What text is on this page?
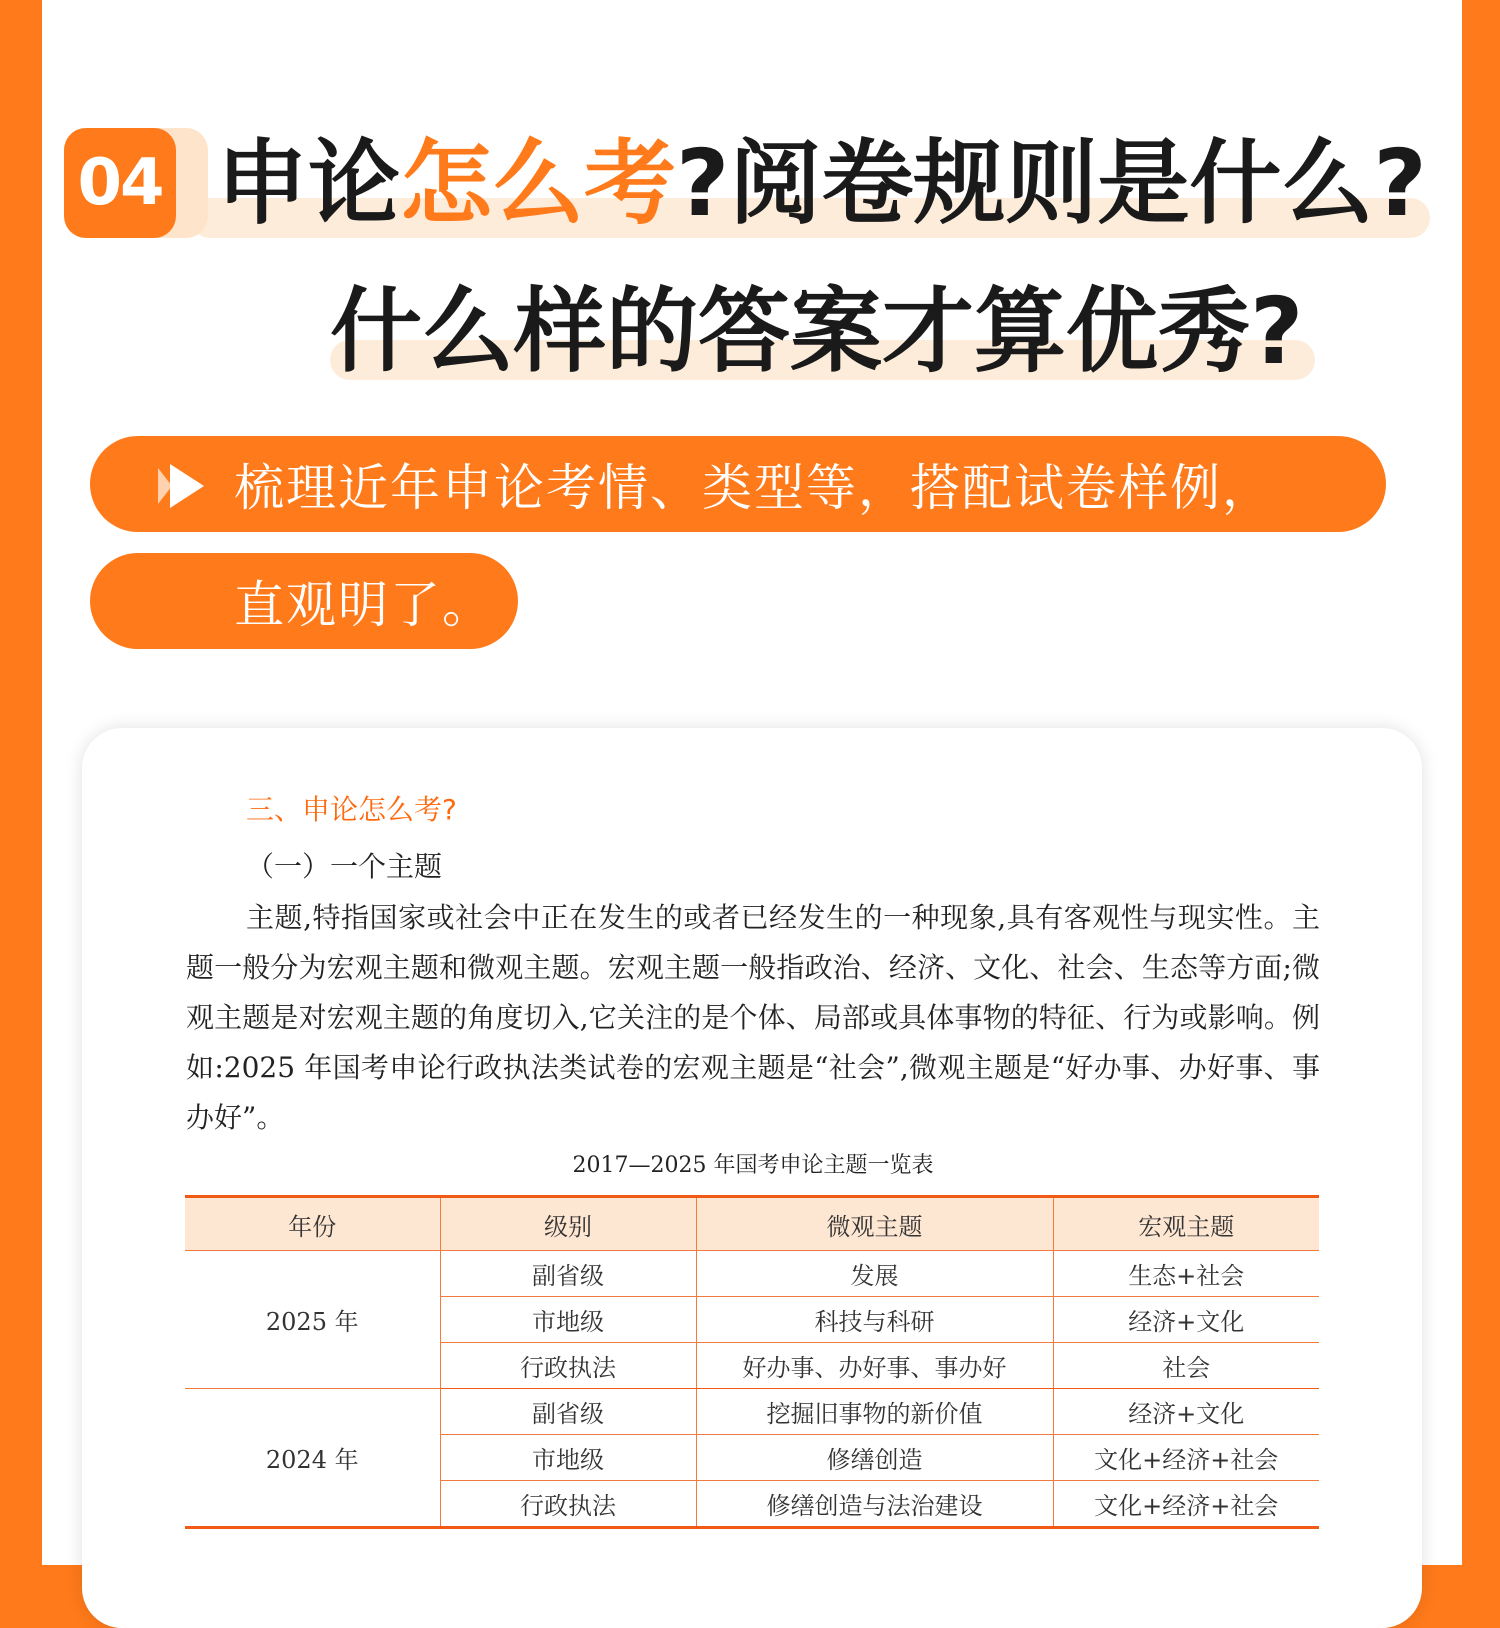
04 申论怎么考?阅卷规则是什么?
什么样的答案才算优秀?
梳理近年申论考情、类型等，搭配试卷样例，
直观明了。
三、申论怎么考?
（一）一个主题
主题,特指国家或社会中正在发生的或者已经发生的一种现象,具有客观性与现实性。主题一般分为宏观主题和微观主题。宏观主题一般指政治、经济、文化、社会、生态等方面;微观主题是对宏观主题的角度切入,它关注的是个体、局部或具体事物的特征、行为或影响。例如:2025 年国考申论行政执法类试卷的宏观主题是“社会”,微观主题是“好办事、办好事、事办好”。
2017—2025 年国考申论主题一览表
年份	级别	微观主题	宏观主题
2025 年	副省级	发展	生态+社会
	市地级	科技与科研	经济+文化
	行政执法	好办事、办好事、事办好	社会
2024 年	副省级	挖掘旧事物的新价值	经济+文化
	市地级	修缮创造	文化+经济+社会
	行政执法	修缮创造与法治建设	文化+经济+社会
